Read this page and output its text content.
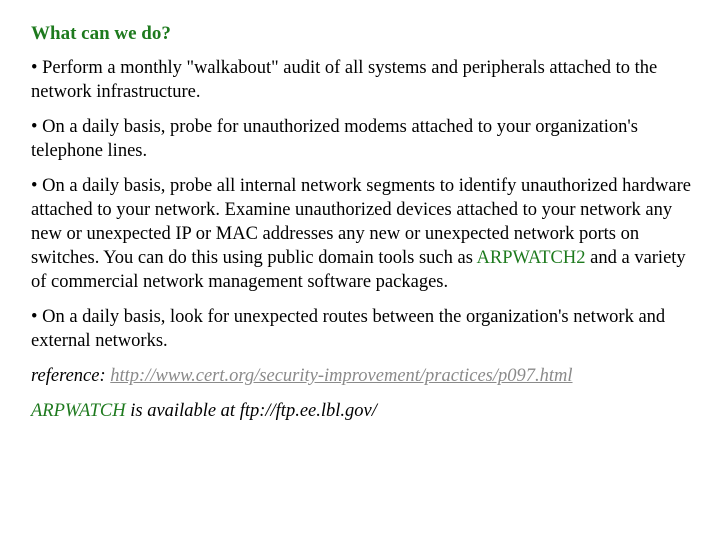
What can we do?
• Perform a monthly "walkabout" audit of all systems and peripherals attached to the network infrastructure.
• On a daily basis, probe for unauthorized modems attached to your organization's telephone lines.
• On a daily basis, probe all internal network segments to identify unauthorized hardware attached to your network. Examine unauthorized devices attached to your network any new or unexpected IP or MAC addresses any new or unexpected network ports on switches. You can do this using public domain tools such as ARPWATCH2 and a variety of commercial network management software packages.
• On a daily basis, look for unexpected routes between the organization's network and external networks.
reference: http://www.cert.org/security-improvement/practices/p097.html
ARPWATCH is available at ftp://ftp.ee.lbl.gov/
